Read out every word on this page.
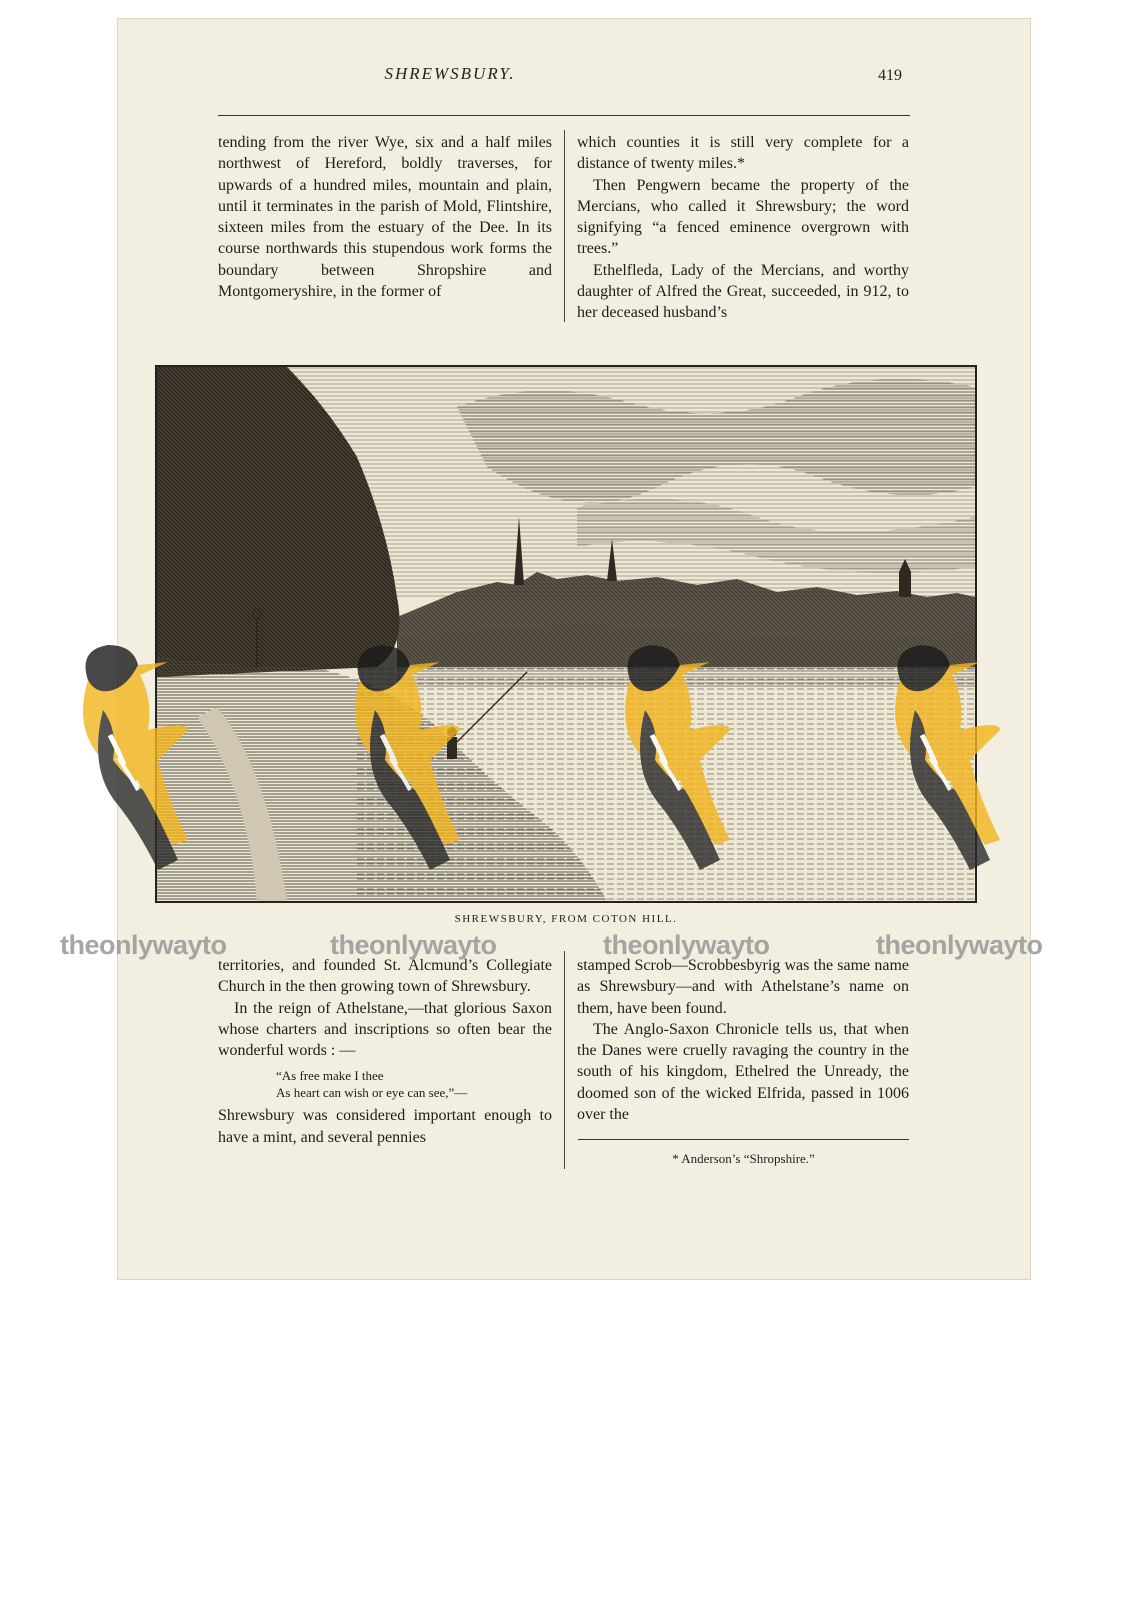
SHREWSBURY.	419

tending from the river Wye, six and a half miles northwest of Hereford, boldly traverses, for upwards of a hundred miles, mountain and plain, until it terminates in the parish of Mold, Flintshire, sixteen miles from the estuary of the Dee. In its course northwards this stupendous work forms the boundary between Shropshire and Montgomeryshire, in the former of

which counties it is still very complete for a distance of twenty miles.*

Then Pengwern became the property of the Mercians, who called it Shrewsbury; the word signifying “a fenced eminence overgrown with trees.”

Ethelfleda, Lady of the Mercians, and worthy daughter of Alfred the Great, succeeded, in 912, to her deceased husband’s

SHREWSBURY, FROM COTON HILL.

territories, and founded St. Alcmund’s Collegiate Church in the then growing town of Shrewsbury.

In the reign of Athelstane,—that glorious Saxon whose charters and inscriptions so often bear the wonderful words : —

“As free make I thee
As heart can wish or eye can see,”—

Shrewsbury was considered important enough to have a mint, and several pennies

stamped Scrob—Scrobbesbyrig was the same name as Shrewsbury—and with Athelstane’s name on them, have been found.

The Anglo-Saxon Chronicle tells us, that when the Danes were cruelly ravaging the country in the south of his kingdom, Ethelred the Unready, the doomed son of the wicked Elfrida, passed in 1006 over the

* Anderson’s “Shropshire.”
theonlywayto	theonlywayto	theonlywayto	theonlywayto
